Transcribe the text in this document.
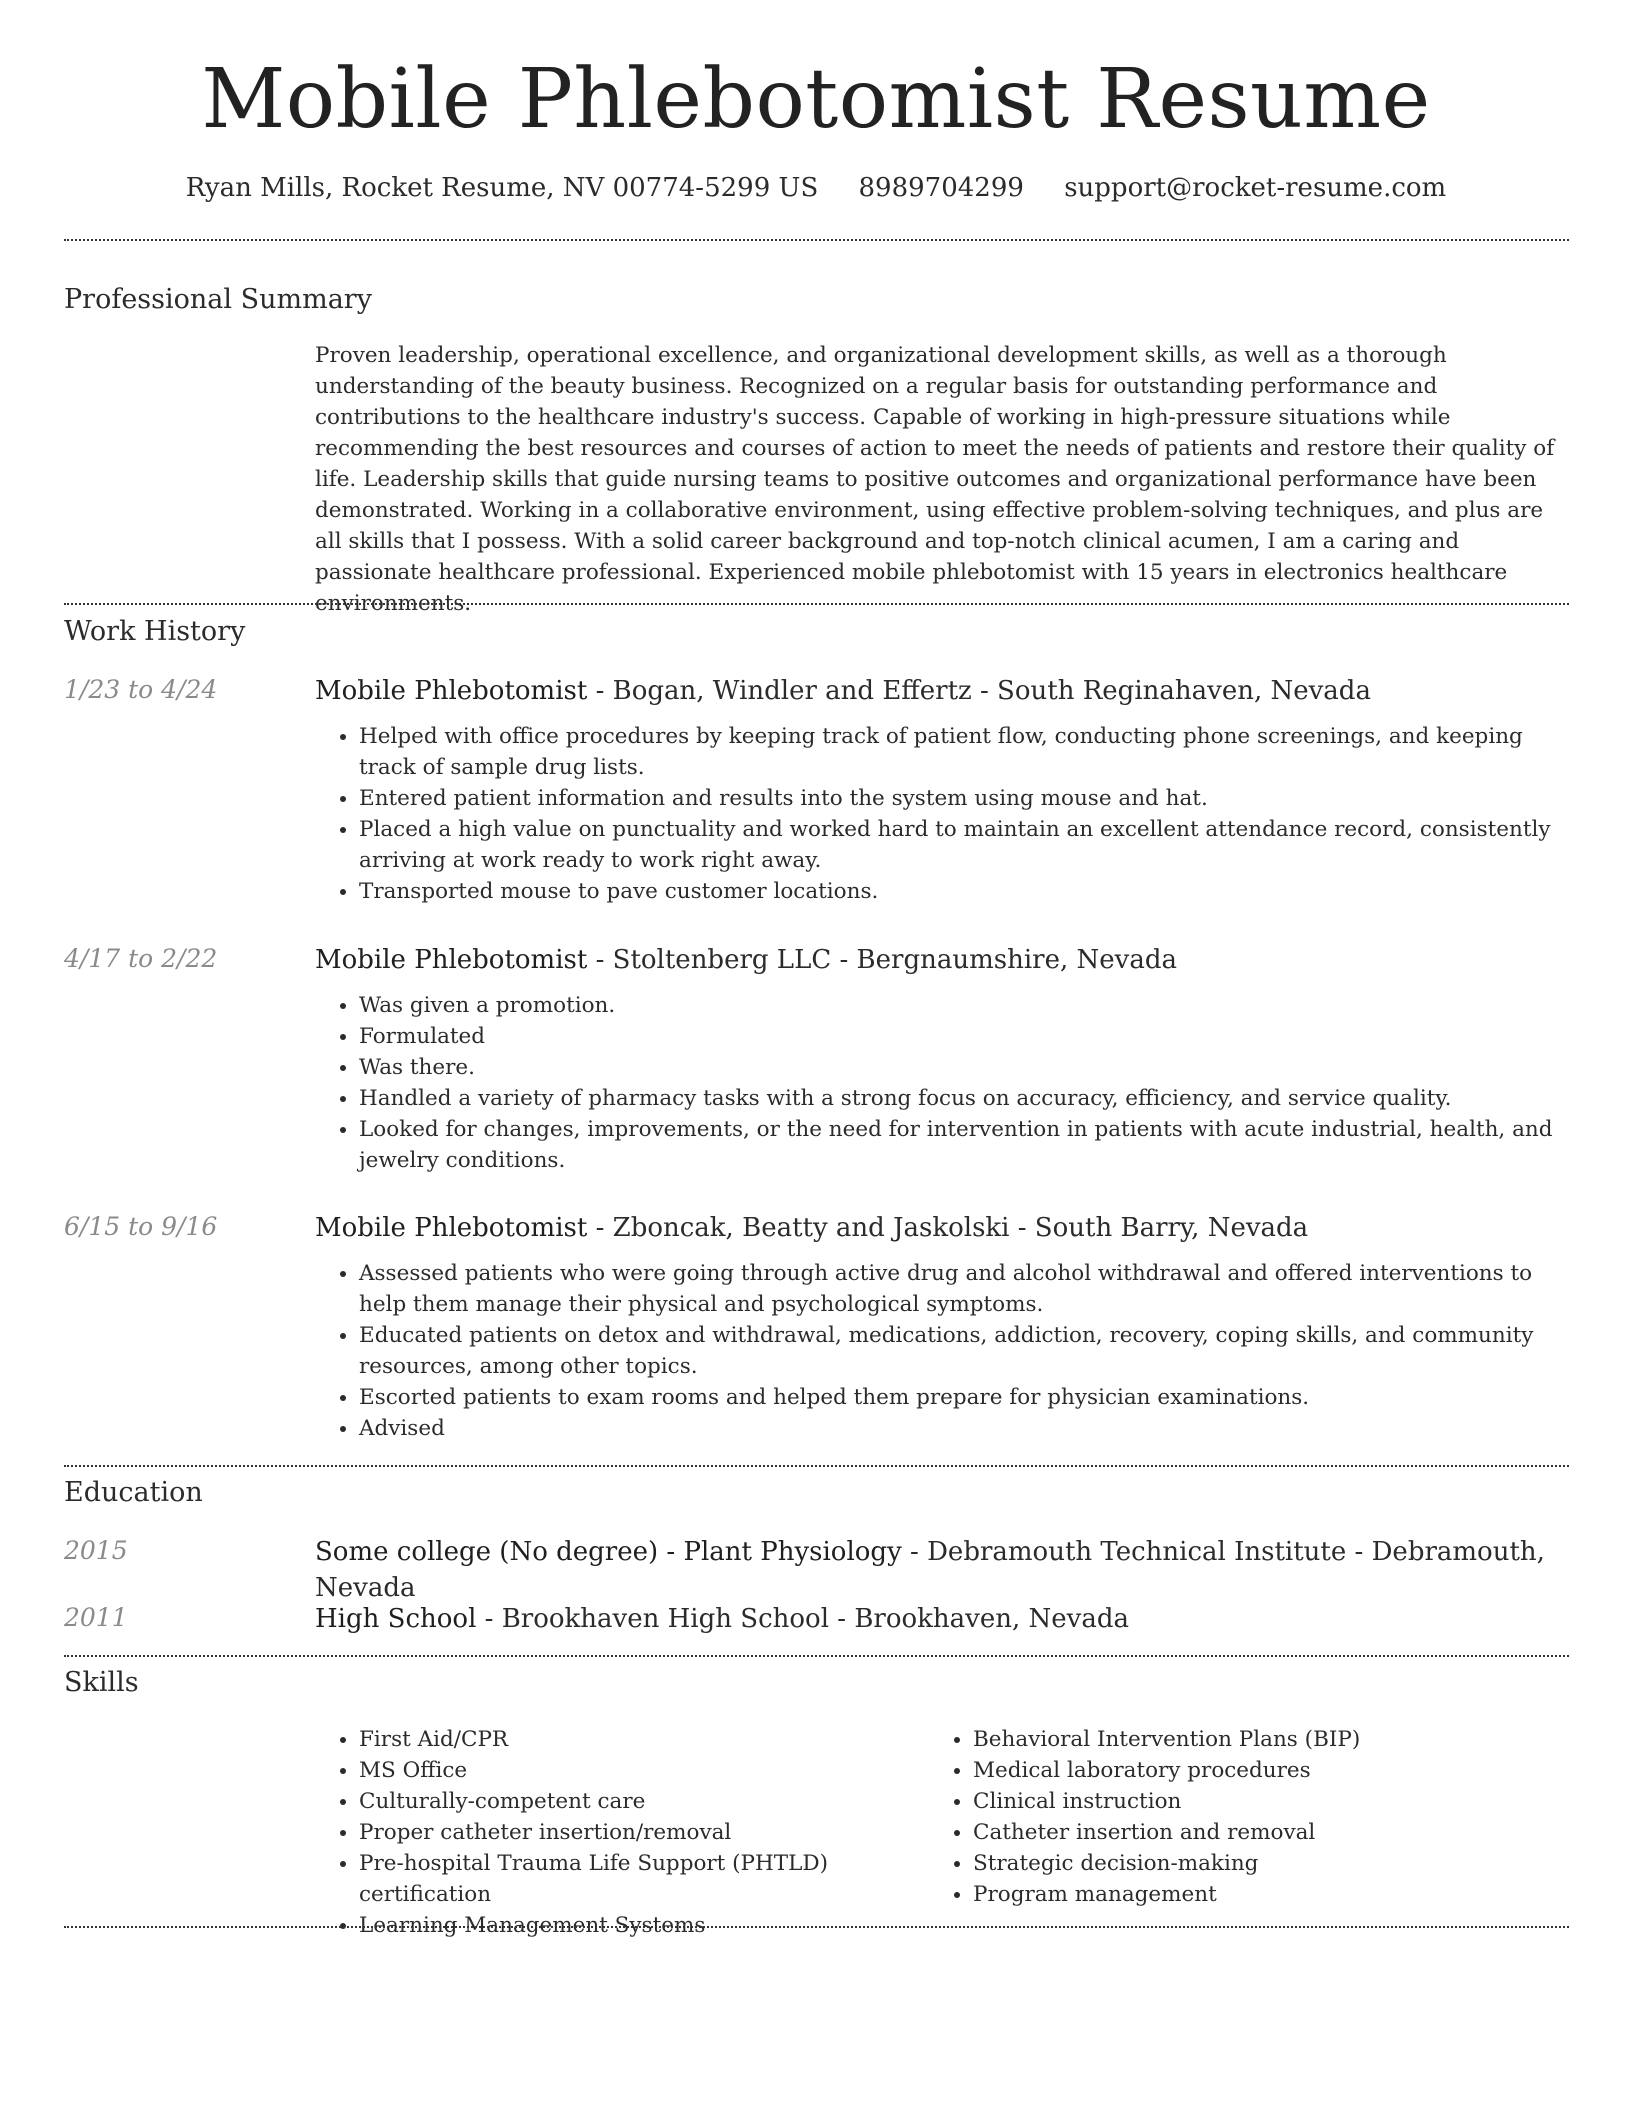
Mobile Phlebotomist Resume
Ryan Mills, Rocket Resume, NV 00774-5299 US 8989704299 support@rocket-resume.com
Professional Summary
Proven leadership, operational excellence, and organizational development skills, as well as a thorough understanding of the beauty business. Recognized on a regular basis for outstanding performance and contributions to the healthcare industry's success. Capable of working in high-pressure situations while recommending the best resources and courses of action to meet the needs of patients and restore their quality of life. Leadership skills that guide nursing teams to positive outcomes and organizational performance have been demonstrated. Working in a collaborative environment, using effective problem-solving techniques, and plus are all skills that I possess. With a solid career background and top-notch clinical acumen, I am a caring and passionate healthcare professional. Experienced mobile phlebotomist with 15 years in electronics healthcare environments.
Work History
1/23 to 4/24	Mobile Phlebotomist - Bogan, Windler and Effertz - South Reginahaven, Nevada
• Helped with office procedures by keeping track of patient flow, conducting phone screenings, and keeping track of sample drug lists.
• Entered patient information and results into the system using mouse and hat.
• Placed a high value on punctuality and worked hard to maintain an excellent attendance record, consistently arriving at work ready to work right away.
• Transported mouse to pave customer locations.
4/17 to 2/22	Mobile Phlebotomist - Stoltenberg LLC - Bergnaumshire, Nevada
• Was given a promotion.
• Formulated
• Was there.
• Handled a variety of pharmacy tasks with a strong focus on accuracy, efficiency, and service quality.
• Looked for changes, improvements, or the need for intervention in patients with acute industrial, health, and jewelry conditions.
6/15 to 9/16	Mobile Phlebotomist - Zboncak, Beatty and Jaskolski - South Barry, Nevada
• Assessed patients who were going through active drug and alcohol withdrawal and offered interventions to help them manage their physical and psychological symptoms.
• Educated patients on detox and withdrawal, medications, addiction, recovery, coping skills, and community resources, among other topics.
• Escorted patients to exam rooms and helped them prepare for physician examinations.
• Advised
Education
2015	Some college (No degree) - Plant Physiology - Debramouth Technical Institute - Debramouth, Nevada
2011	High School - Brookhaven High School - Brookhaven, Nevada
Skills
• First Aid/CPR
• MS Office
• Culturally-competent care
• Proper catheter insertion/removal
• Pre-hospital Trauma Life Support (PHTLD) certification
• Learning Management Systems
• Behavioral Intervention Plans (BIP)
• Medical laboratory procedures
• Clinical instruction
• Catheter insertion and removal
• Strategic decision-making
• Program management
